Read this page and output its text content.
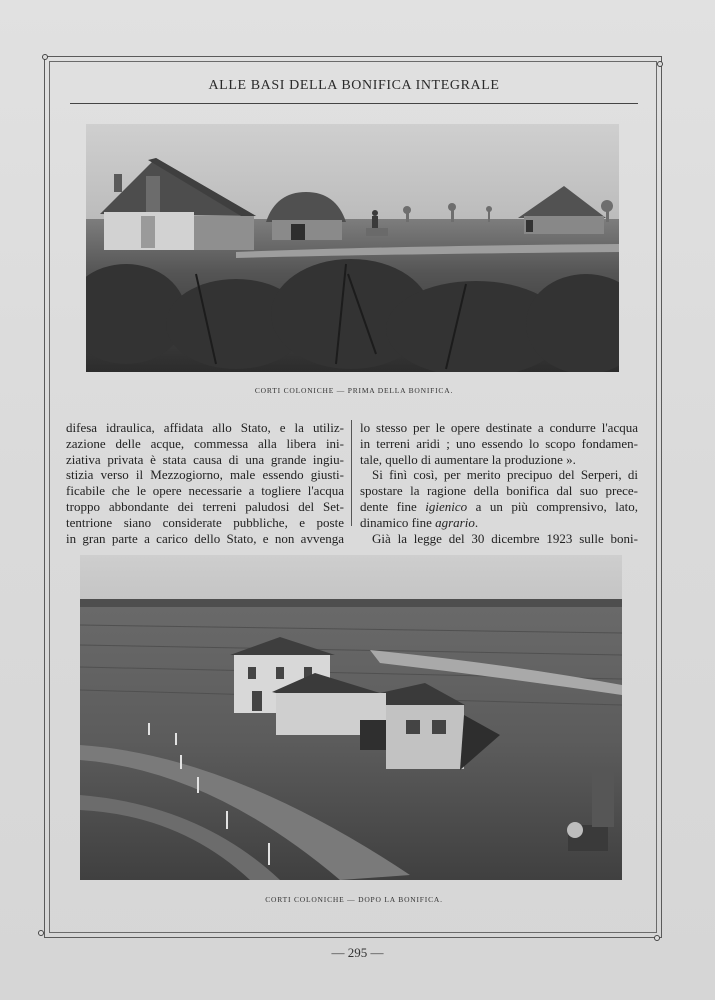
ALLE BASI DELLA BONIFICA INTEGRALE
CORTI COLONICHE — PRIMA DELLA BONIFICA.
difesa idraulica, affidata allo Stato, e la utiliz-
zazione delle acque, commessa alla libera ini-
ziativa privata è stata causa di una grande ingiu-
stizia verso il Mezzogiorno, male essendo giusti-
ficabile che le opere necessarie a togliere l'acqua
troppo abbondante dei terreni paludosi del Set-
tentrione siano considerate pubbliche, e poste
in gran parte a carico dello Stato, e non avvenga
lo stesso per le opere destinate a condurre l'acqua
in terreni aridi ; uno essendo lo scopo fondamen-
tale, quello di aumentare la produzione ».
Si finì così, per merito precipuo del Serperi, di
spostare la ragione della bonifica dal suo prece-
dente fine igienico a un più comprensivo, lato,
dinamico fine agrario.
Già la legge del 30 dicembre 1923 sulle boni-
CORTI COLONICHE — DOPO LA BONIFICA.
— 295 —
